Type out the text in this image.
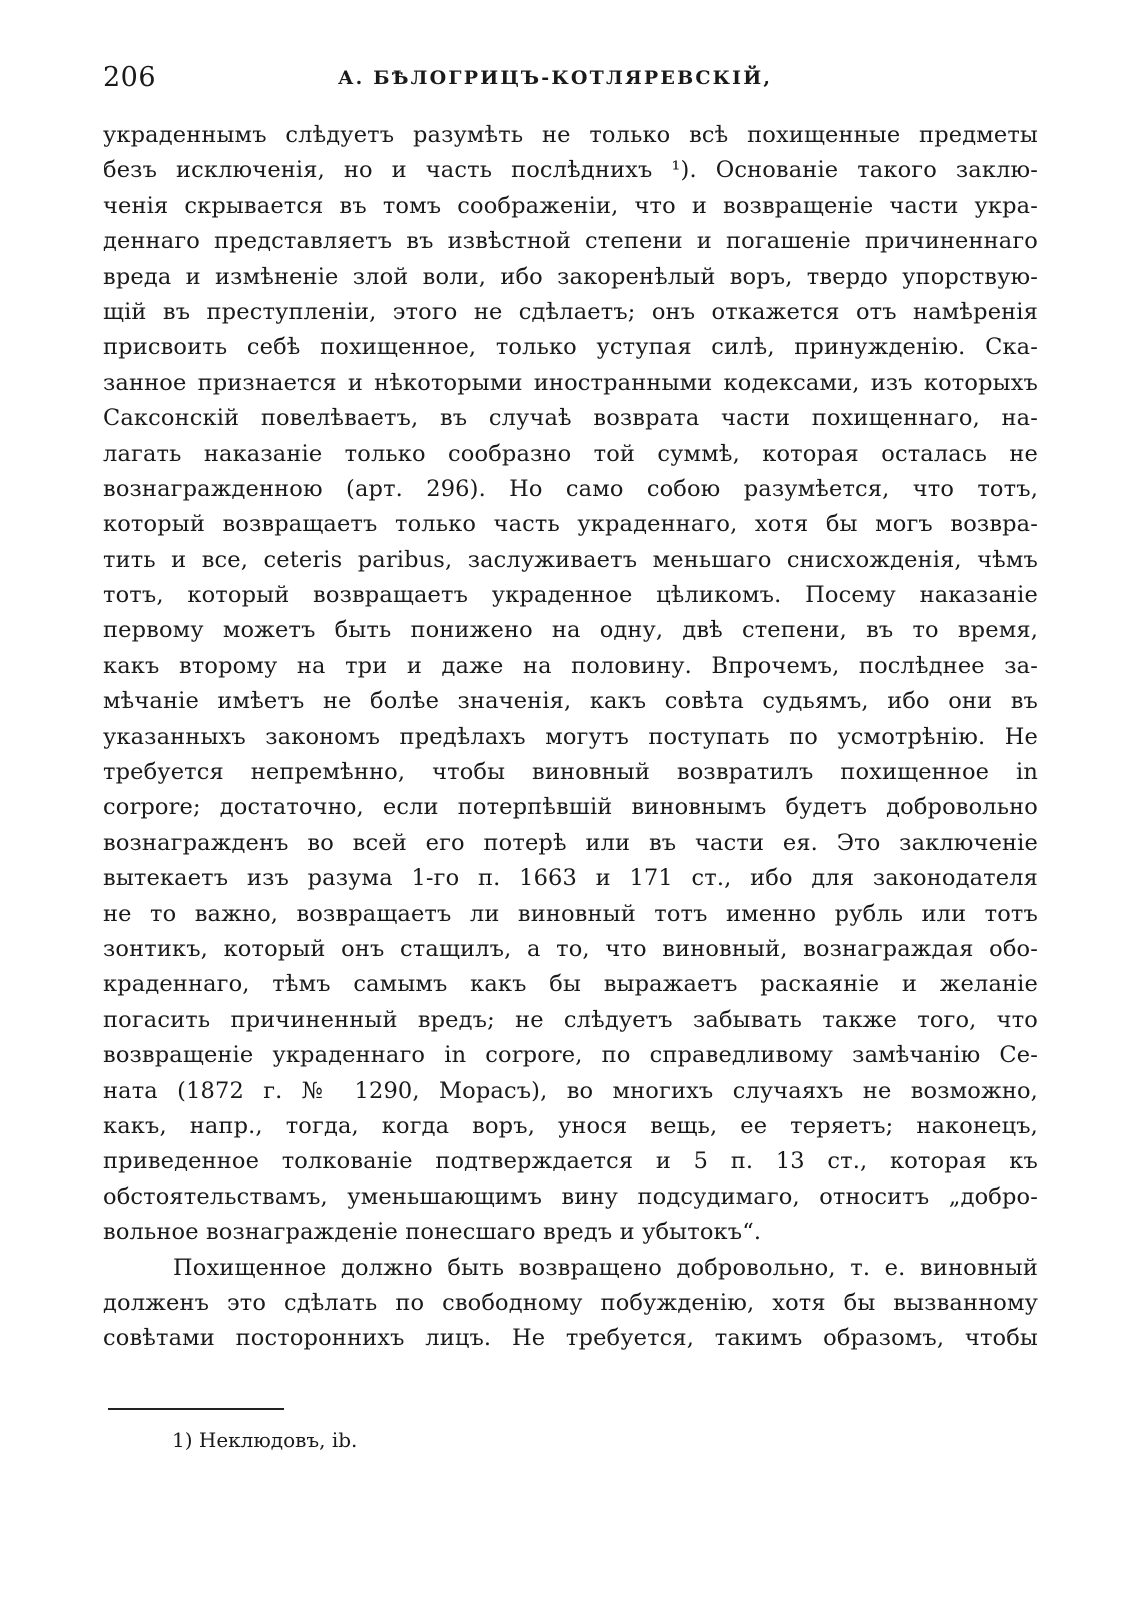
206	А. БѢЛОГРИЦЪ-КОТЛЯРЕВСКІЙ,
украденнымъ слѣдуетъ разумѣть не только всѣ похищенные предметы
безъ исключенія, но и часть послѣднихъ ¹). Основаніе такого заклю-
ченія скрывается въ томъ соображеніи, что и возвращеніе части укра-
деннаго представляетъ въ извѣстной степени и погашеніе причиненнаго
вреда и измѣненіе злой воли, ибо закоренѣлый воръ, твердо упорствую-
щій въ преступленіи, этого не сдѣлаетъ; онъ откажется отъ намѣренія
присвоить себѣ похищенное, только уступая силѣ, принужденію. Ска-
занное признается и нѣкоторыми иностранными кодексами, изъ которыхъ
Саксонскій повелѣваетъ, въ случаѣ возврата части похищеннаго, на-
лагать наказаніе только сообразно той суммѣ, которая осталась не
вознагражденною (арт. 296). Но само собою разумѣется, что тотъ,
который возвращаетъ только часть украденнаго, хотя бы могъ возвра-
тить и все, ceteris paribus, заслуживаетъ меньшаго снисхожденія, чѣмъ
тотъ, который возвращаетъ украденное цѣликомъ. Посему наказаніе
первому можетъ быть понижено на одну, двѣ степени, въ то время,
какъ второму на три и даже на половину. Впрочемъ, послѣднее за-
мѣчаніе имѣетъ не болѣе значенія, какъ совѣта судьямъ, ибо они въ
указанныхъ закономъ предѣлахъ могутъ поступать по усмотрѣнію. Не
требуется непремѣнно, чтобы виновный возвратилъ похищенное in
corpore; достаточно, если потерпѣвшій виновнымъ будетъ добровольно
вознагражденъ во всей его потерѣ или въ части ея. Это заключеніе
вытекаетъ изъ разума 1-го п. 1663 и 171 ст., ибо для законодателя
не то важно, возвращаетъ ли виновный тотъ именно рубль или тотъ
зонтикъ, который онъ стащилъ, а то, что виновный, вознаграждая обо-
краденнаго, тѣмъ самымъ какъ бы выражаетъ раскаяніе и желаніе
погасить причиненный вредъ; не слѣдуетъ забывать также того, что
возвращеніе украденнаго in corpore, по справедливому замѣчанію Се-
ната (1872 г. № 1290, Морасъ), во многихъ случаяхъ не возможно,
какъ, напр., тогда, когда воръ, унося вещь, ее теряетъ; наконецъ,
приведенное толкованіе подтверждается и 5 п. 13 ст., которая къ
обстоятельствамъ, уменьшающимъ вину подсудимаго, относитъ „добро-
вольное вознагражденіе понесшаго вредъ и убытокъ“.
Похищенное должно быть возвращено добровольно, т. е. виновный
долженъ это сдѣлать по свободному побужденію, хотя бы вызванному
совѣтами постороннихъ лицъ. Не требуется, такимъ образомъ, чтобы
1) Неклюдовъ, ib.
